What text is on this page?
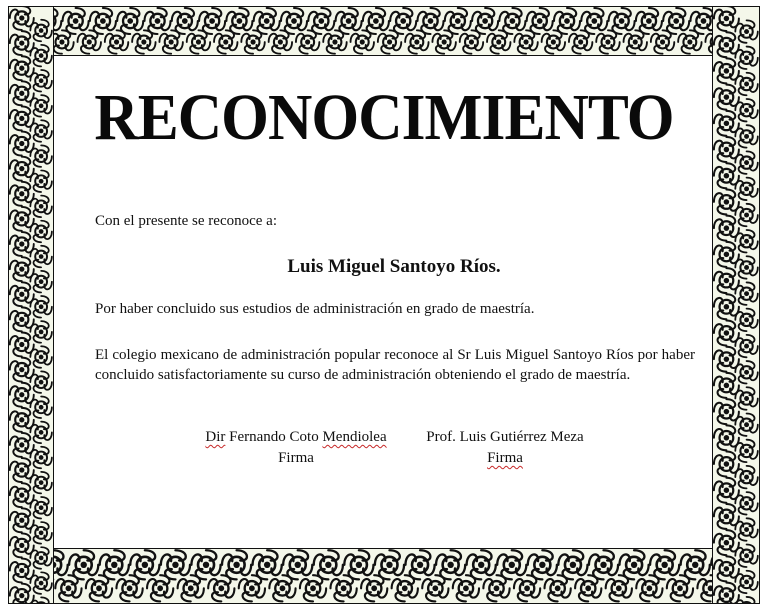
RECONOCIMIENTO
Con el presente se reconoce a:
Luis Miguel Santoyo Ríos.
Por haber concluido sus estudios de administración en grado de maestría.
El colegio mexicano de administración popular reconoce al Sr Luis Miguel Santoyo Ríos por haber concluido satisfactoriamente su curso de administración obteniendo el grado de maestría.
Dir Fernando Coto Mendiolea
Firma
Prof. Luis Gutiérrez Meza
Firma
